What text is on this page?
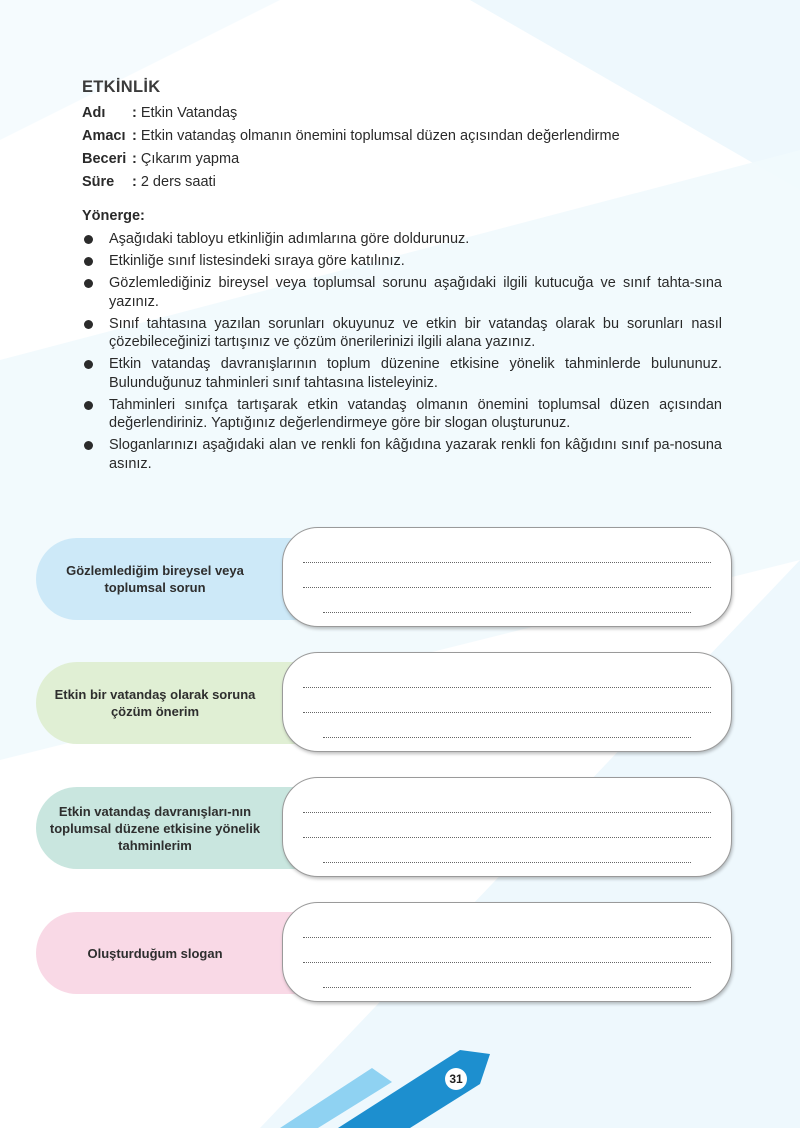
ETKİNLİK
Adı : Etkin Vatandaş
Amacı : Etkin vatandaş olmanın önemini toplumsal düzen açısından değerlendirme
Beceri : Çıkarım yapma
Süre : 2 ders saati
Yönerge:
Aşağıdaki tabloyu etkinliğin adımlarına göre doldurunuz.
Etkinliğe sınıf listesindeki sıraya göre katılınız.
Gözlemlediğiniz bireysel veya toplumsal sorunu aşağıdaki ilgili kutucuğa ve sınıf tahta-sına yazınız.
Sınıf tahtasına yazılan sorunları okuyunuz ve etkin bir vatandaş olarak bu sorunları nasıl çözebileceğinizi tartışınız ve çözüm önerilerinizi ilgili alana yazınız.
Etkin vatandaş davranışlarının toplum düzenine etkisine yönelik tahminlerde bulununuz. Bulunduğunuz tahminleri sınıf tahtasına listeleyiniz.
Tahminleri sınıfça tartışarak etkin vatandaş olmanın önemini toplumsal düzen açısından değerlendiriniz. Yaptığınız değerlendirmeye göre bir slogan oluşturunuz.
Sloganlarınızı aşağıdaki alan ve renkli fon kâğıdına yazarak renkli fon kâğıdını sınıf pa-nosuna asınız.
Gözlemlediğim bireysel veya toplumsal sorun
Etkin bir vatandaş olarak soruna çözüm önerim
Etkin vatandaş davranışları-nın toplumsal düzene etkisine yönelik tahminlerim
Oluşturduğum slogan
31
